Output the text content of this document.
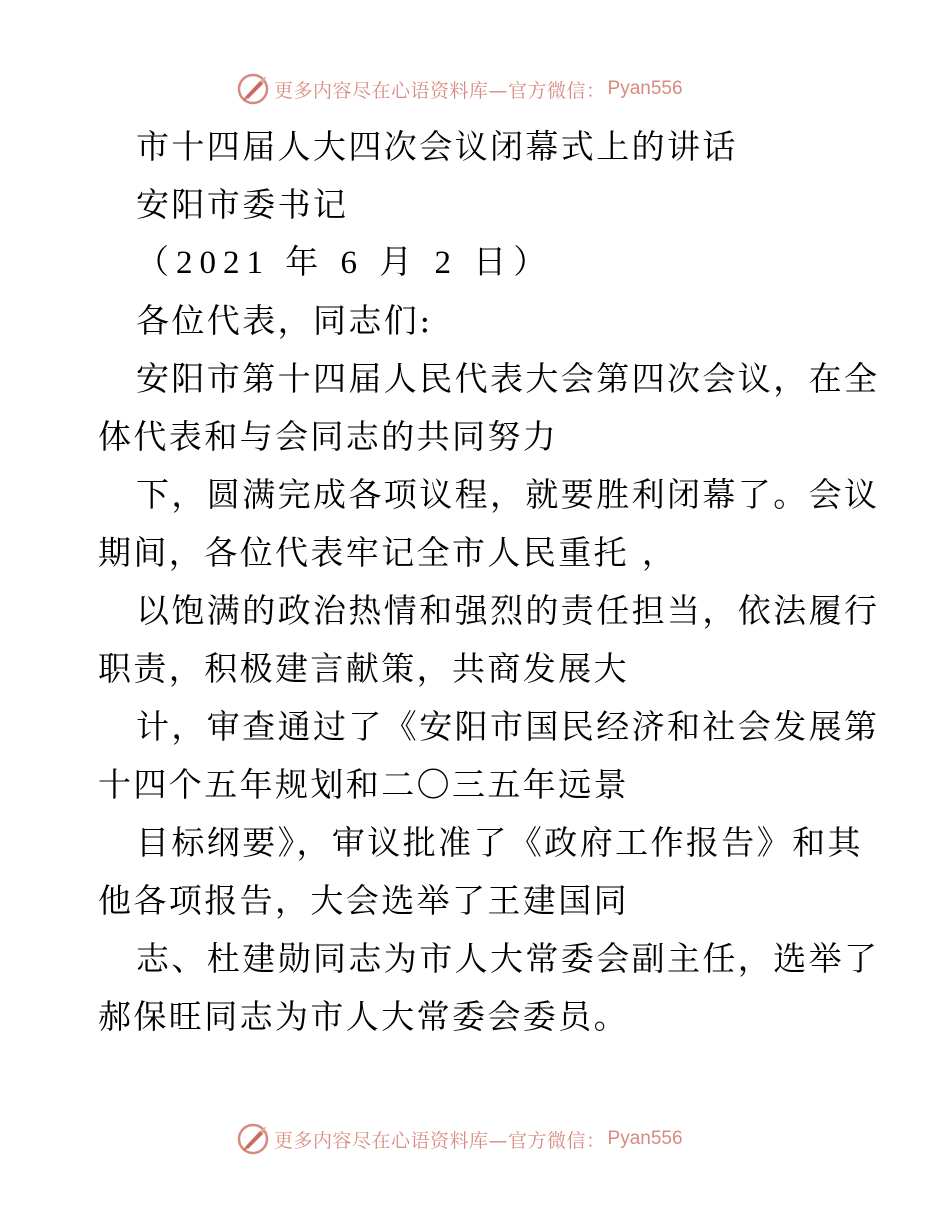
更多内容尽在心语资料库—官方微信： Pyan556
市十四届人大四次会议闭幕式上的讲话
安阳市委书记
（2021 年 6 月 2 日）
各位代表，同志们:
安阳市第十四届人民代表大会第四次会议，在全
体代表和与会同志的共同努力
下，圆满完成各项议程，就要胜利闭幕了。会议
期间，各位代表牢记全市人民重托 ，
以饱满的政治热情和强烈的责任担当，依法履行
职责，积极建言献策，共商发展大
计，审查通过了《安阳市国民经济和社会发展第
十四个五年规划和二〇三五年远景
目标纲要》，审议批准了《政府工作报告》和其
他各项报告，大会选举了王建国同
志、杜建勋同志为市人大常委会副主任，选举了
郝保旺同志为市人大常委会委员。
更多内容尽在心语资料库—官方微信： Pyan556
